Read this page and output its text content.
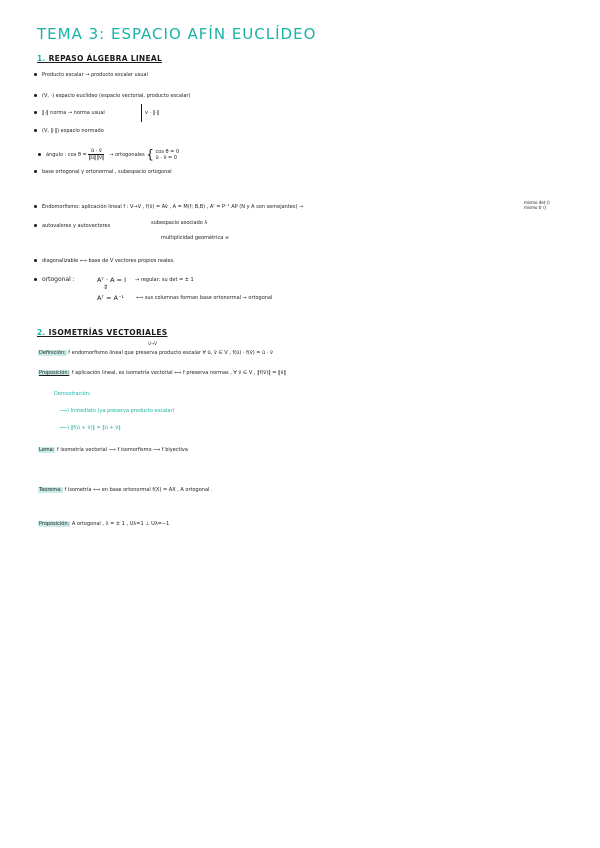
TEMA 3: ESPACIO AFÍN EUCLÍDEO
1. REPASO ÁLGEBRA LINEAL
Producto escalar → producto escalar usual
(V, ·) espacio euclídeo (espacio vectorial, producto escalar)
‖·‖ norma → norma usual	v · ‖·‖
(V, ‖·‖) espacio normado
ángulo : $\cos \theta = \frac{ū \cdot v̄}{‖ū‖‖v̄‖}$ → ortogonales { cos θ = 0
ū · v̄ = 0
base ortogonal y ortonormal , subespacio ortogonal
Endomorfismo: aplicación lineal f : V→V , f(v̄) = Av̄ , A = M(f; B,B) , A' = P⁻¹ AP (N y A son semejantes) →
mismo det ()
mismo tr ()
autovalores y autovectores	subespacio asociado λ
multiplicidad geométrica ≤
diagonalizable ⟺ base de V vectores propios reales.
ortogonal :	Aᵀ · A = I → regular: su det = ± 1
⇕
Aᵀ = A⁻¹ ⟺ sus columnas forman base ortonormal ⇒ ortogonal
2. ISOMETRÍAS VECTORIALES
U→V
Definición: f endomorfismo lineal que preserva producto escalar ∀ ū, v̄ ∈ V , f(ū) · f(v̄) = ū · v̄
Proposición: f aplicación lineal, es isometría vectorial ⟺ f preserva normas , ∀ v̄ ∈ V , ‖f(v̄)‖ = ‖v̄‖
Demostración:
⟹) Inmediato (ya preserva producto escalar)
⟸) ‖f(ū + v̄)‖ = ‖ū + v̄‖
Lema: f isometría vectorial ⟹ f isomorfismo ⟹ f biyectiva
Teorema: f isometría ⟺ en base ortonormal f(X) = AX , A ortogonal .
Proposición: A ortogonal , λ = ± 1 , Uλ=1 ⊥ Uλ=−1
